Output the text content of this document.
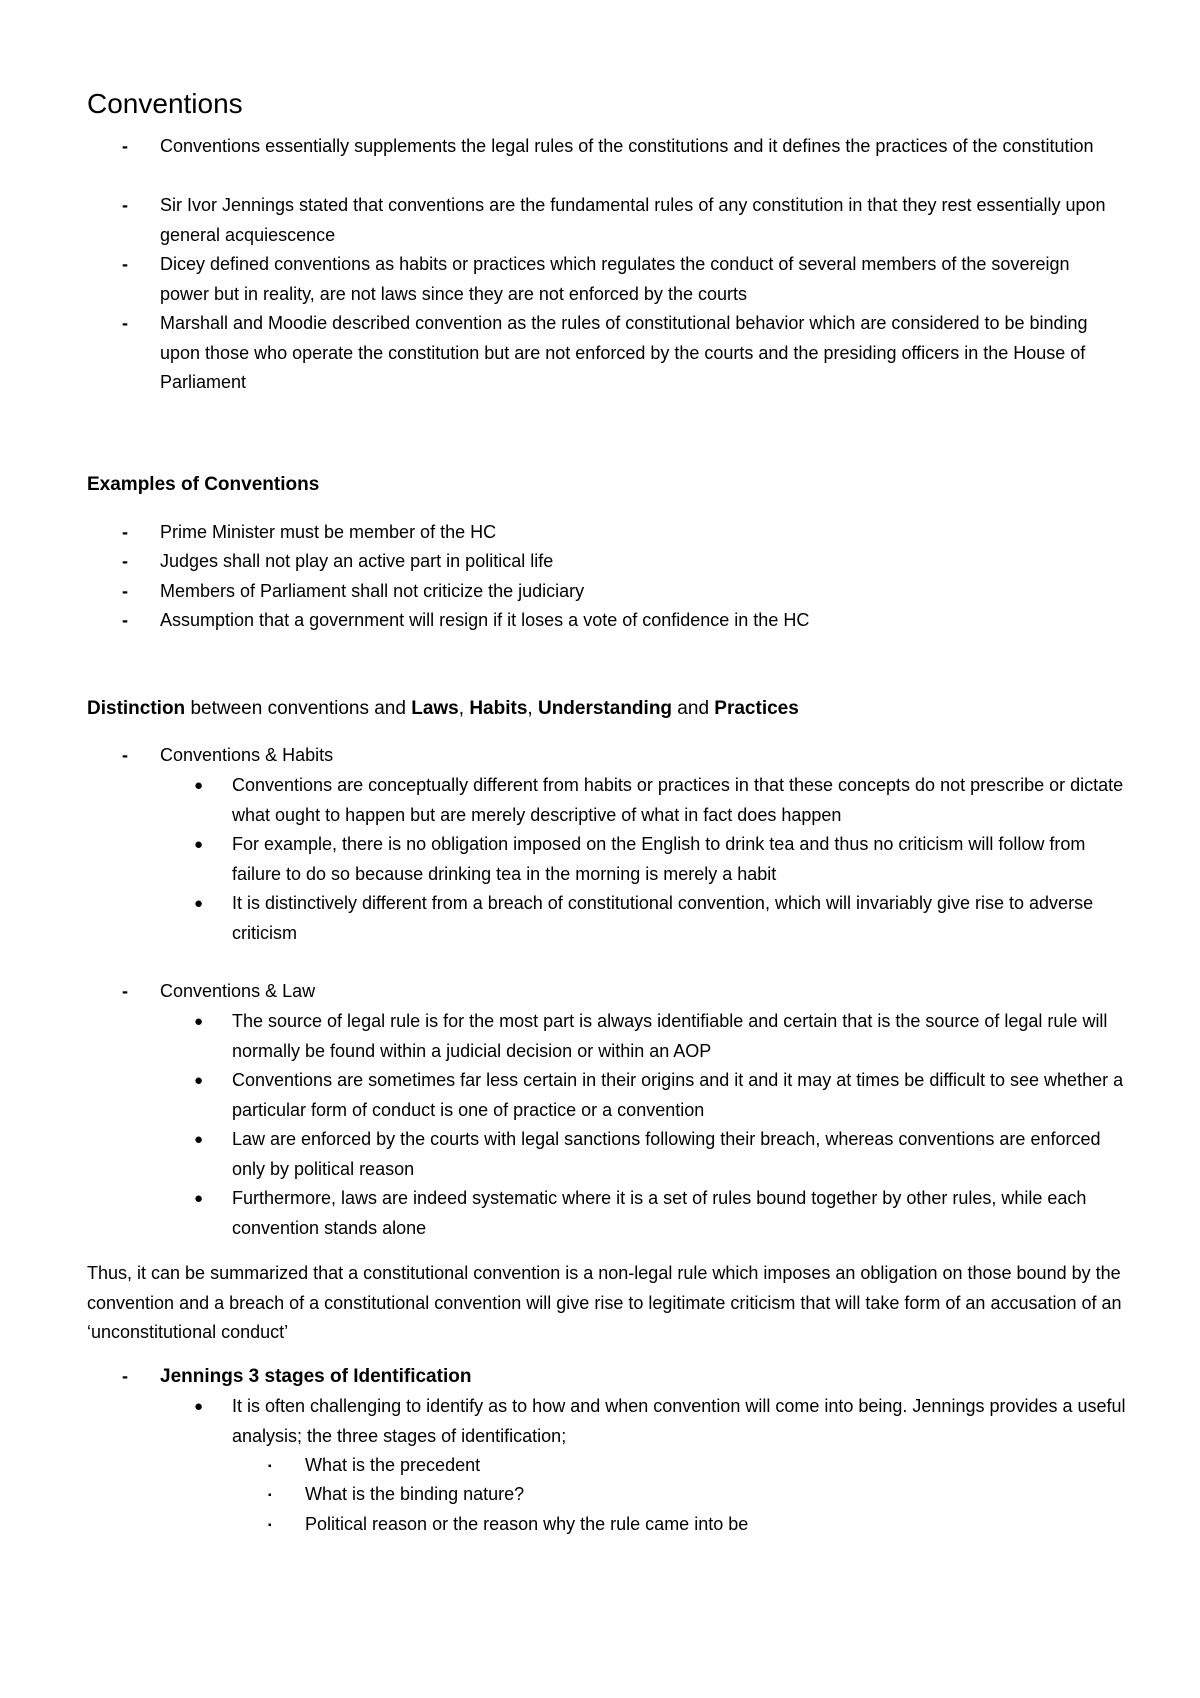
Conventions
- Conventions essentially supplements the legal rules of the constitutions and it defines the practices of the constitution
- Sir Ivor Jennings stated that conventions are the fundamental rules of any constitution in that they rest essentially upon general acquiescence
- Dicey defined conventions as habits or practices which regulates the conduct of several members of the sovereign power but in reality, are not laws since they are not enforced by the courts
- Marshall and Moodie described convention as the rules of constitutional behavior which are considered to be binding upon those who operate the constitution but are not enforced by the courts and the presiding officers in the House of Parliament
Examples of Conventions
- Prime Minister must be member of the HC
- Judges shall not play an active part in political life
- Members of Parliament shall not criticize the judiciary
- Assumption that a government will resign if it loses a vote of confidence in the HC
Distinction between conventions and Laws, Habits, Understanding and Practices
- Conventions & Habits
● Conventions are conceptually different from habits or practices in that these concepts do not prescribe or dictate what ought to happen but are merely descriptive of what in fact does happen
● For example, there is no obligation imposed on the English to drink tea and thus no criticism will follow from failure to do so because drinking tea in the morning is merely a habit
● It is distinctively different from a breach of constitutional convention, which will invariably give rise to adverse criticism
- Conventions & Law
● The source of legal rule is for the most part is always identifiable and certain that is the source of legal rule will normally be found within a judicial decision or within an AOP
● Conventions are sometimes far less certain in their origins and it and it may at times be difficult to see whether a particular form of conduct is one of practice or a convention
● Law are enforced by the courts with legal sanctions following their breach, whereas conventions are enforced only by political reason
● Furthermore, laws are indeed systematic where it is a set of rules bound together by other rules, while each convention stands alone
Thus, it can be summarized that a constitutional convention is a non-legal rule which imposes an obligation on those bound by the convention and a breach of a constitutional convention will give rise to legitimate criticism that will take form of an accusation of an ‘unconstitutional conduct’
- Jennings 3 stages of Identification
● It is often challenging to identify as to how and when convention will come into being. Jennings provides a useful analysis; the three stages of identification;
▪ What is the precedent
▪ What is the binding nature?
▪ Political reason or the reason why the rule came into be
